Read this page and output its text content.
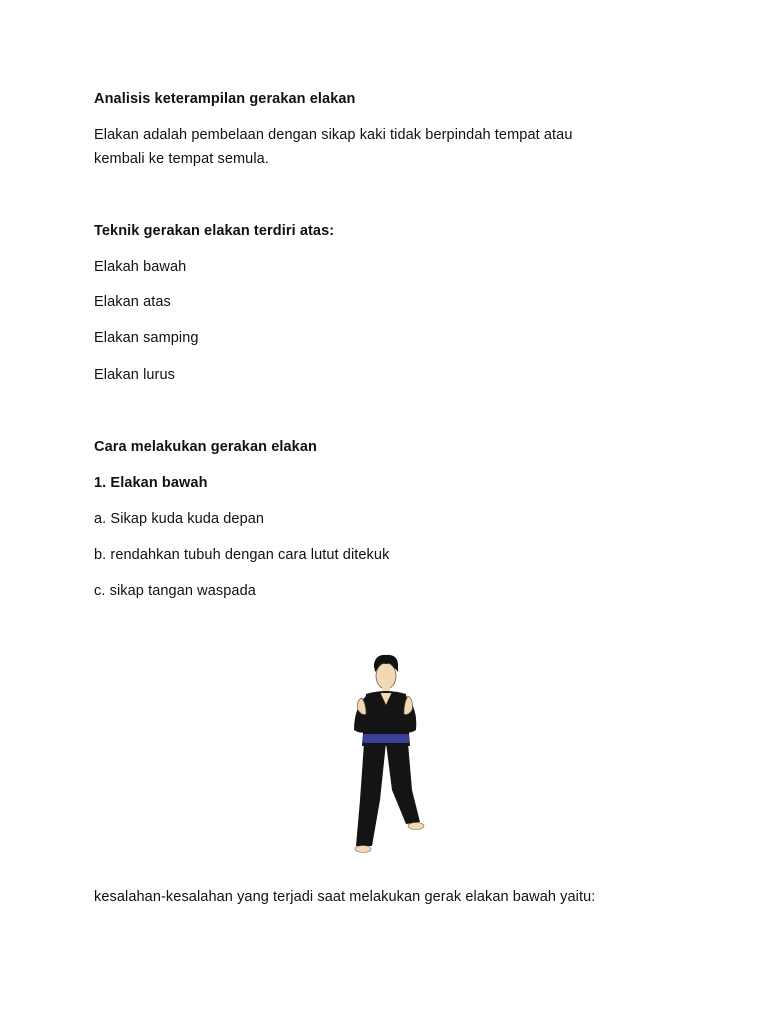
Analisis keterampilan gerakan elakan
Elakan adalah pembelaan dengan sikap kaki tidak berpindah tempat atau
kembali ke tempat semula.
Teknik gerakan elakan terdiri atas:
Elakah bawah
Elakan atas
Elakan samping
Elakan lurus
Cara melakukan gerakan elakan
1. Elakan bawah
a. Sikap kuda kuda depan
b. rendahkan tubuh dengan cara lutut ditekuk
c. sikap tangan waspada
kesalahan-kesalahan yang terjadi saat melakukan gerak elakan bawah yaitu:
